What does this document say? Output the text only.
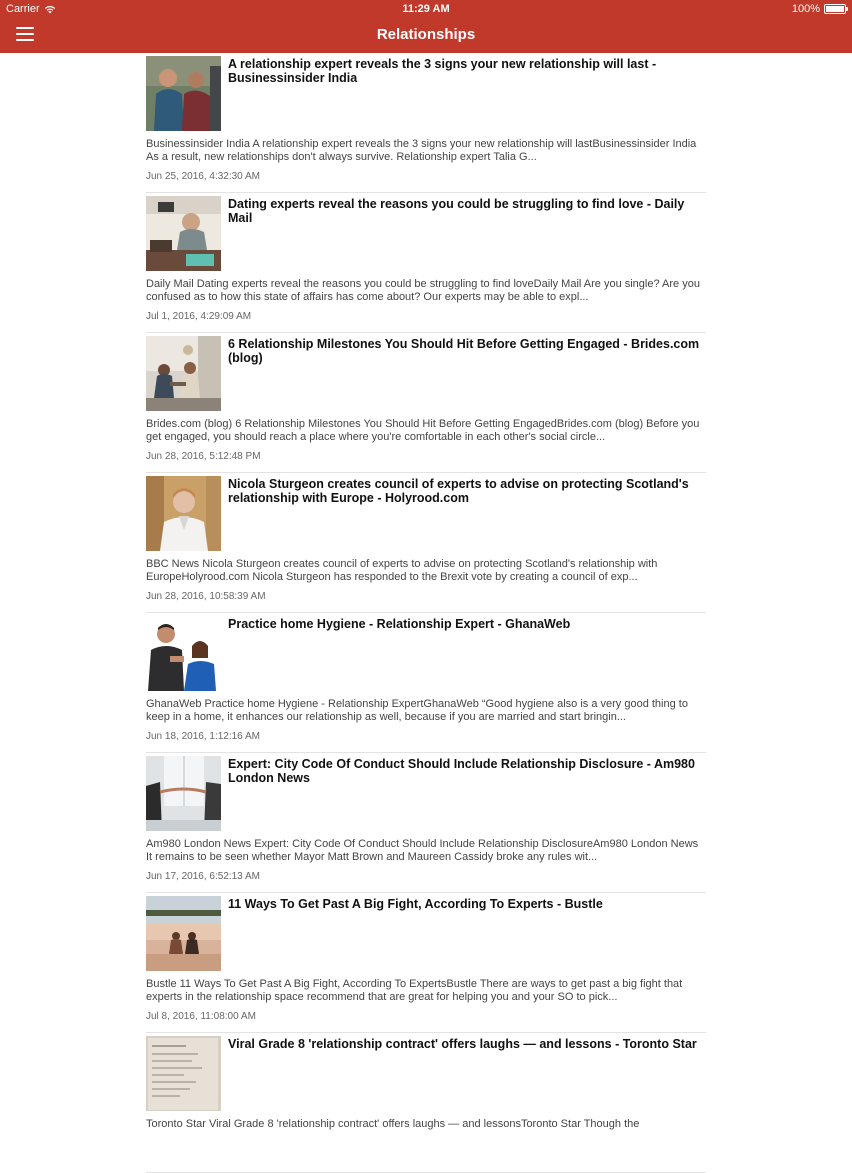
Carrier	11:29 AM	100%
Relationships
A relationship expert reveals the 3 signs your new relationship will last - Businessinsider India
Businessinsider India A relationship expert reveals the 3 signs your new relationship will lastBusinessinsider India As a result, new relationships don't always survive. Relationship expert Talia G...
Jun 25, 2016, 4:32:30 AM
Dating experts reveal the reasons you could be struggling to find love - Daily Mail
Daily Mail Dating experts reveal the reasons you could be struggling to find loveDaily Mail Are you single? Are you confused as to how this state of affairs has come about? Our experts may be able to expl...
Jul 1, 2016, 4:29:09 AM
6 Relationship Milestones You Should Hit Before Getting Engaged - Brides.com (blog)
Brides.com (blog) 6 Relationship Milestones You Should Hit Before Getting EngagedBrides.com (blog) Before you get engaged, you should reach a place where you're comfortable in each other's social circle...
Jun 28, 2016, 5:12:48 PM
Nicola Sturgeon creates council of experts to advise on protecting Scotland's relationship with Europe - Holyrood.com
BBC News Nicola Sturgeon creates council of experts to advise on protecting Scotland's relationship with EuropeHolyrood.com Nicola Sturgeon has responded to the Brexit vote by creating a council of exp...
Jun 28, 2016, 10:58:39 AM
Practice home Hygiene - Relationship Expert - GhanaWeb
GhanaWeb Practice home Hygiene - Relationship ExpertGhanaWeb “Good hygiene also is a very good thing to keep in a home, it enhances our relationship as well, because if you are married and start bringin...
Jun 18, 2016, 1:12:16 AM
Expert: City Code Of Conduct Should Include Relationship Disclosure - Am980 London News
Am980 London News Expert: City Code Of Conduct Should Include Relationship DisclosureAm980 London News It remains to be seen whether Mayor Matt Brown and Maureen Cassidy broke any rules wit...
Jun 17, 2016, 6:52:13 AM
11 Ways To Get Past A Big Fight, According To Experts - Bustle
Bustle 11 Ways To Get Past A Big Fight, According To ExpertsBustle There are ways to get past a big fight that experts in the relationship space recommend that are great for helping you and your SO to pick...
Jul 8, 2016, 11:08:00 AM
Viral Grade 8 'relationship contract' offers laughs — and lessons - Toronto Star
Toronto Star Viral Grade 8 'relationship contract' offers laughs — and lessonsToronto Star Though the
